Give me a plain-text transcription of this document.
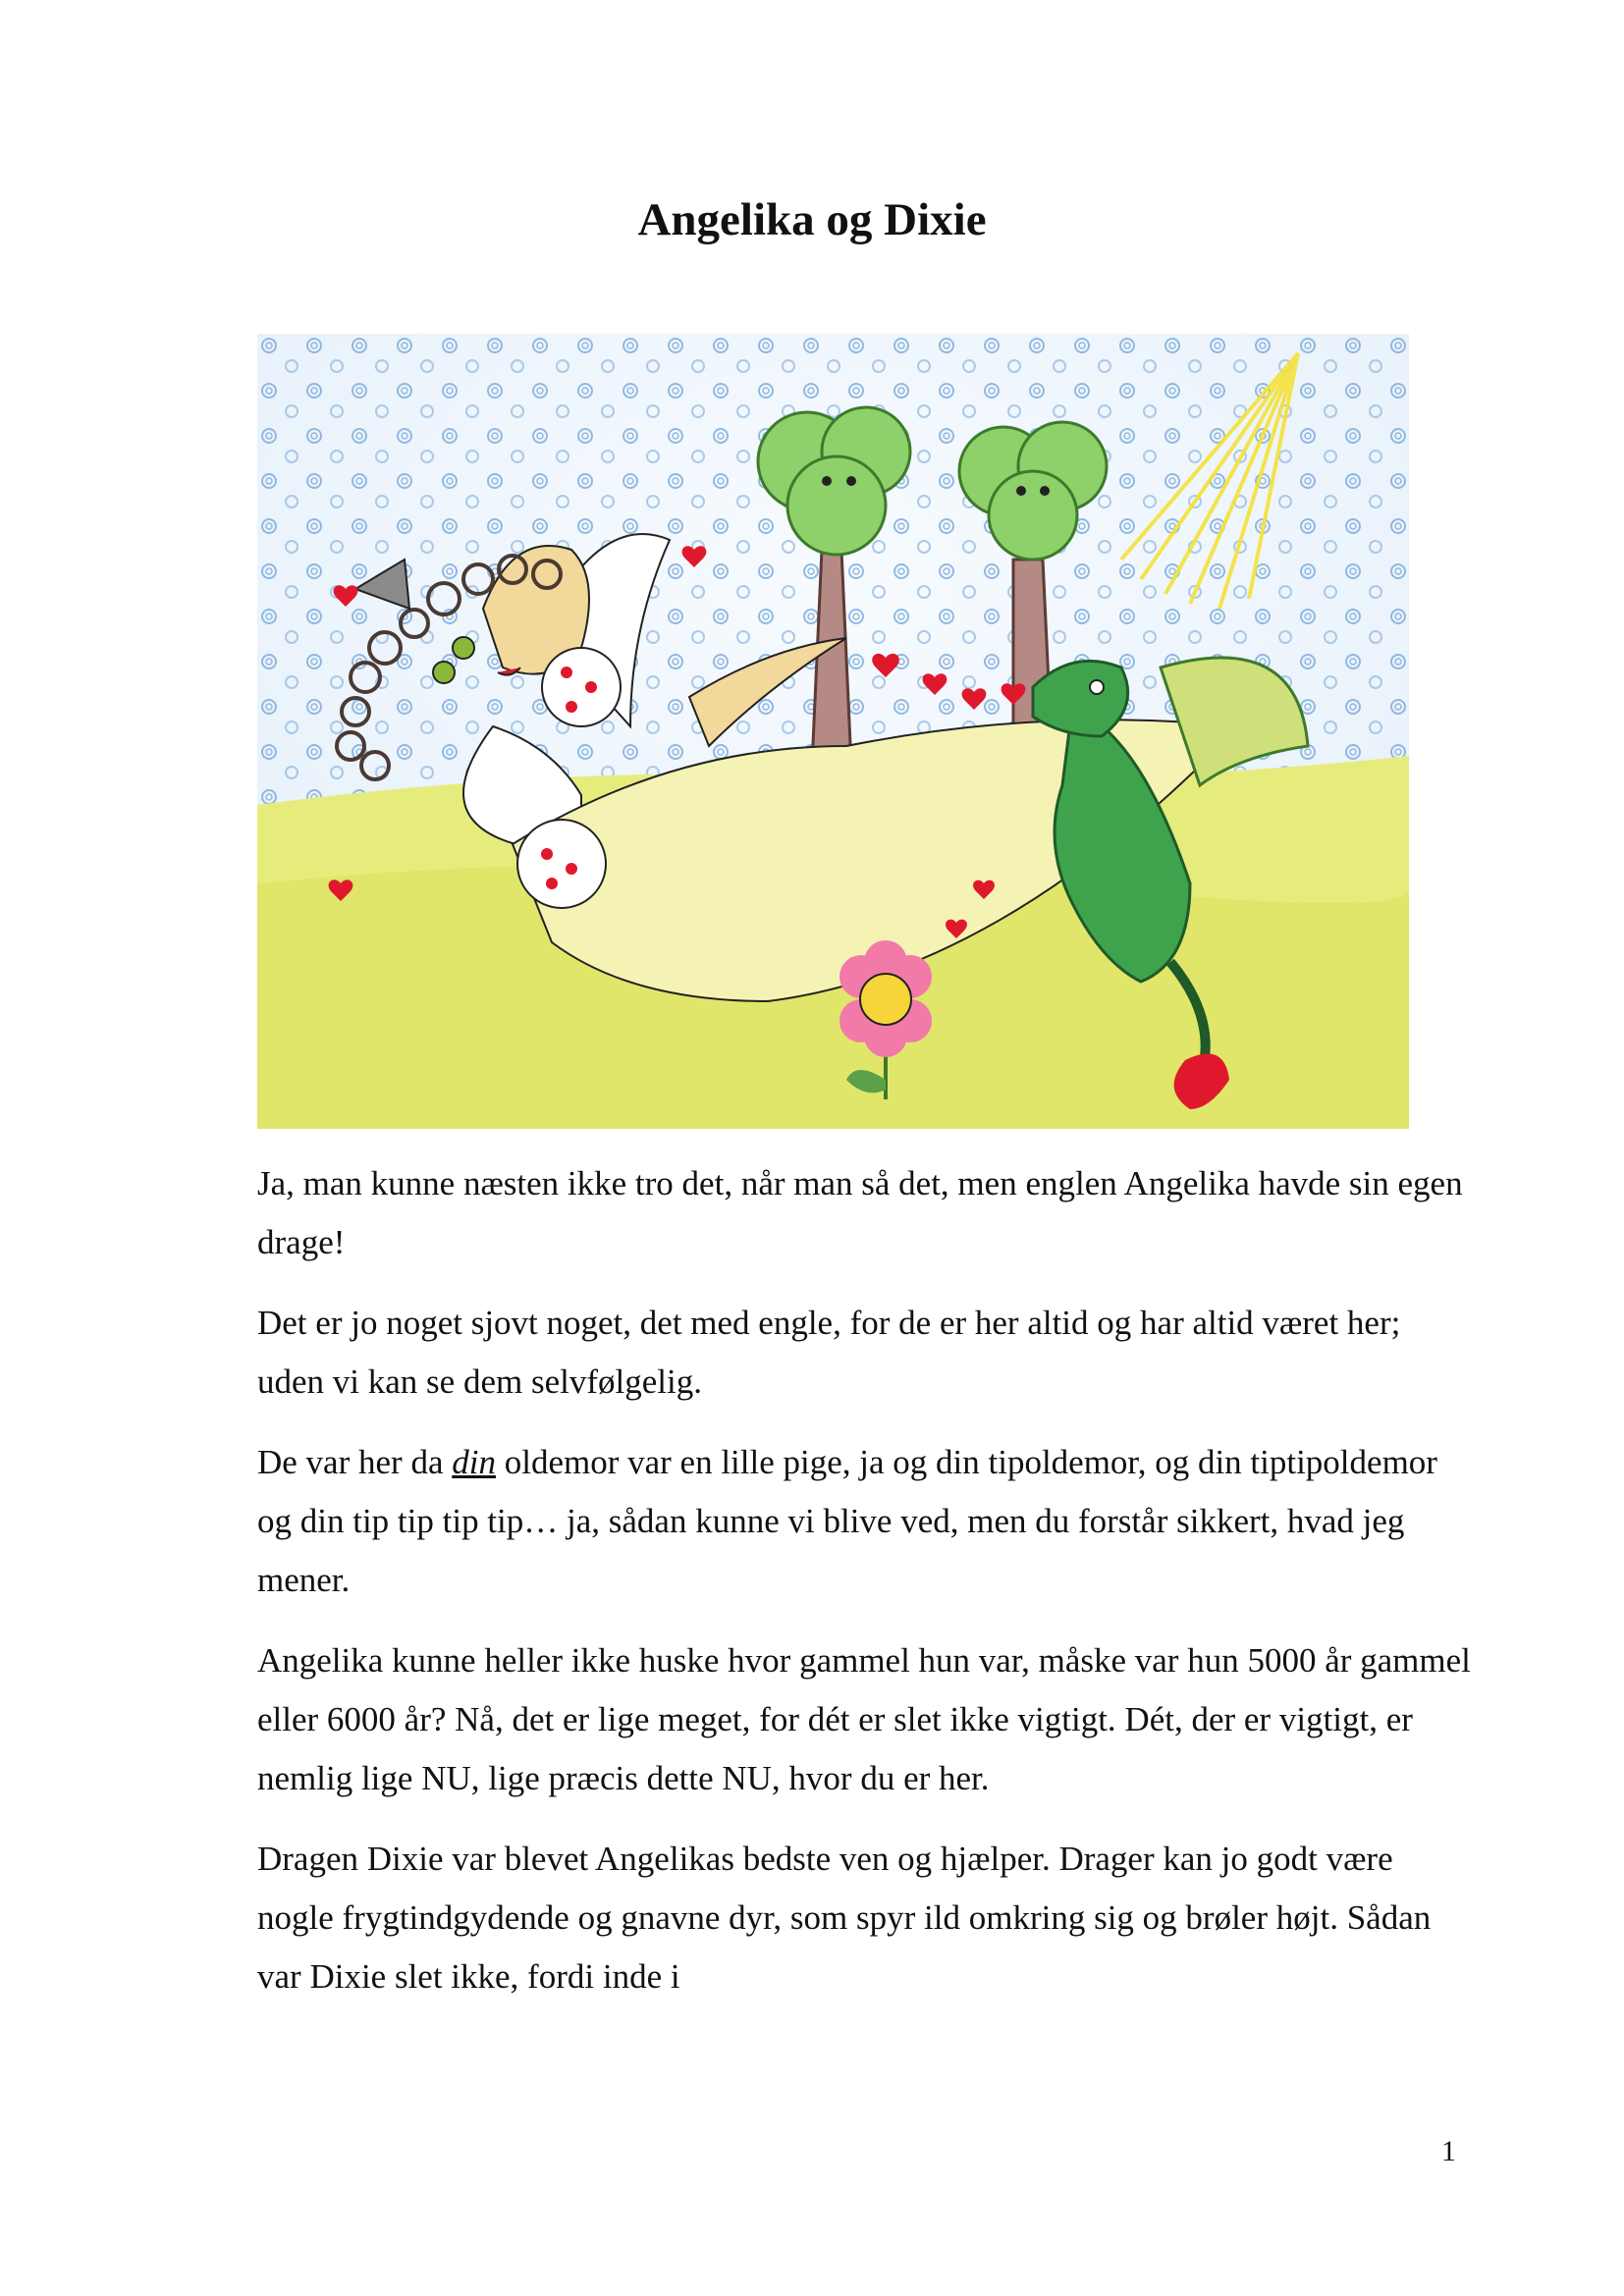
Angelika og Dixie

Ja, man kunne næsten ikke tro det, når man så det, men englen Angelika havde sin egen drage!

Det er jo noget sjovt noget, det med engle, for de er her altid og har altid været her; uden vi kan se dem selvfølgelig.

De var her da din oldemor var en lille pige, ja og din tipoldemor, og din tiptipoldemor og din tip tip tip tip… ja, sådan kunne vi blive ved, men du forstår sikkert, hvad jeg mener.

Angelika kunne heller ikke huske hvor gammel hun var, måske var hun 5000 år gammel eller 6000 år? Nå, det er lige meget, for dét er slet ikke vigtigt. Dét, der er vigtigt, er nemlig lige NU, lige præcis dette NU, hvor du er her.

Dragen Dixie var blevet Angelikas bedste ven og hjælper. Drager kan jo godt være nogle frygtindgydende og gnavne dyr, som spyr ild omkring sig og brøler højt. Sådan var Dixie slet ikke, fordi inde i

1
